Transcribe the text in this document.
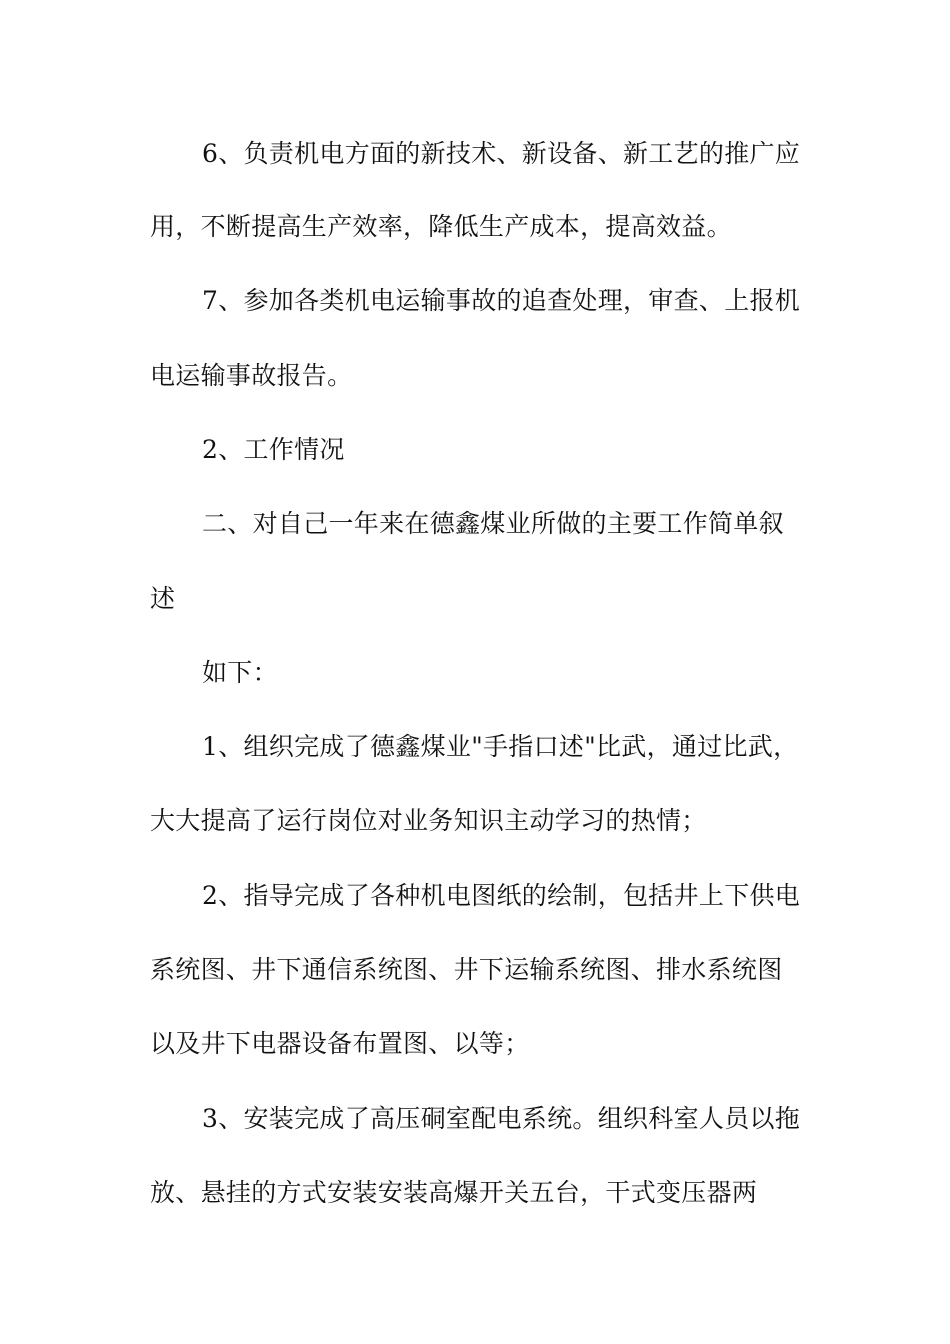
6、负责机电方面的新技术、新设备、新工艺的推广应
用，不断提高生产效率，降低生产成本，提高效益。
7、参加各类机电运输事故的追查处理，审查、上报机
电运输事故报告。
2、工作情况
二、对自己一年来在德鑫煤业所做的主要工作简单叙
述
如下：
1、组织完成了德鑫煤业"手指口述"比武，通过比武，
大大提高了运行岗位对业务知识主动学习的热情；
2、指导完成了各种机电图纸的绘制，包括井上下供电
系统图、井下通信系统图、井下运输系统图、排水系统图
以及井下电器设备布置图、以等；
3、安装完成了高压硐室配电系统。组织科室人员以拖
放、悬挂的方式安装安装高爆开关五台，干式变压器两
